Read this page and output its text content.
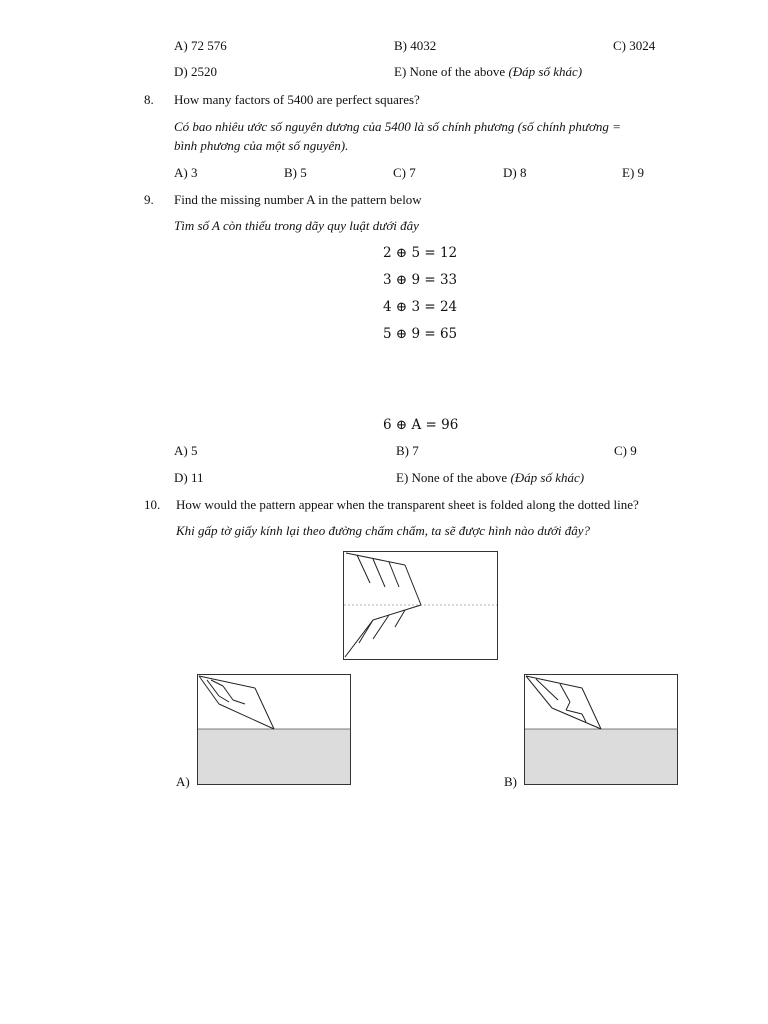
A) 72 576	B) 4032	C) 3024
D) 2520	E) None of the above (Đáp số khác)
8. How many factors of 5400 are perfect squares?
Có bao nhiêu ước số nguyên dương của 5400 là số chính phương (số chính phương =
bình phương của một số nguyên).
A) 3	B) 5	C) 7	D) 8	E) 9
9. Find the missing number A in the pattern below
Tìm số A còn thiếu trong dãy quy luật dưới đây
2 ⊕ 5 = 12
3 ⊕ 9 = 33
4 ⊕ 3 = 24
5 ⊕ 9 = 65
6 ⊕ A = 96
A) 5	B) 7	C) 9
D) 11	E) None of the above (Đáp số khác)
10. How would the pattern appear when the transparent sheet is folded along the dotted line?
Khi gấp tờ giấy kính lại theo đường chấm chấm, ta sẽ được hình nào dưới đây?
A)	B)
